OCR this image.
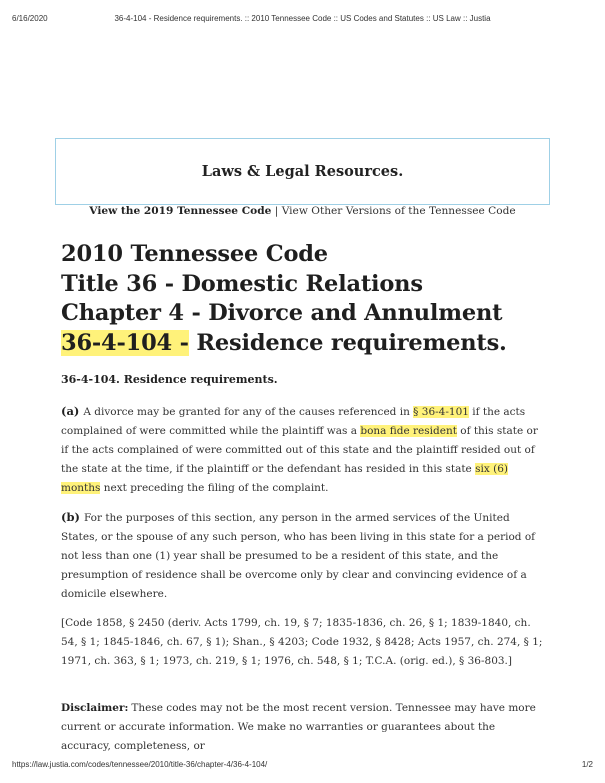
6/16/2020	36-4-104 - Residence requirements. :: 2010 Tennessee Code :: US Codes and Statutes :: US Law :: Justia
Laws & Legal Resources.
View the 2019 Tennessee Code | View Other Versions of the Tennessee Code
2010 Tennessee Code
Title 36 - Domestic Relations
Chapter 4 - Divorce and Annulment
36-4-104 - Residence requirements.
36-4-104. Residence requirements.

(a) A divorce may be granted for any of the causes referenced in § 36-4-101 if the acts complained of were committed while the plaintiff was a bona fide resident of this state or if the acts complained of were committed out of this state and the plaintiff resided out of the state at the time, if the plaintiff or the defendant has resided in this state six (6) months next preceding the filing of the complaint.

(b) For the purposes of this section, any person in the armed services of the United States, or the spouse of any such person, who has been living in this state for a period of not less than one (1) year shall be presumed to be a resident of this state, and the presumption of residence shall be overcome only by clear and convincing evidence of a domicile elsewhere.

[Code 1858, § 2450 (deriv. Acts 1799, ch. 19, § 7; 1835-1836, ch. 26, § 1; 1839-1840, ch. 54, § 1; 1845-1846, ch. 67, § 1); Shan., § 4203; Code 1932, § 8428; Acts 1957, ch. 274, § 1; 1971, ch. 363, § 1; 1973, ch. 219, § 1; 1976, ch. 548, § 1; T.C.A. (orig. ed.), § 36-803.]

Disclaimer: These codes may not be the most recent version. Tennessee may have more current or accurate information. We make no warranties or guarantees about the accuracy, completeness, or

https://law.justia.com/codes/tennessee/2010/title-36/chapter-4/36-4-104/	1/2
